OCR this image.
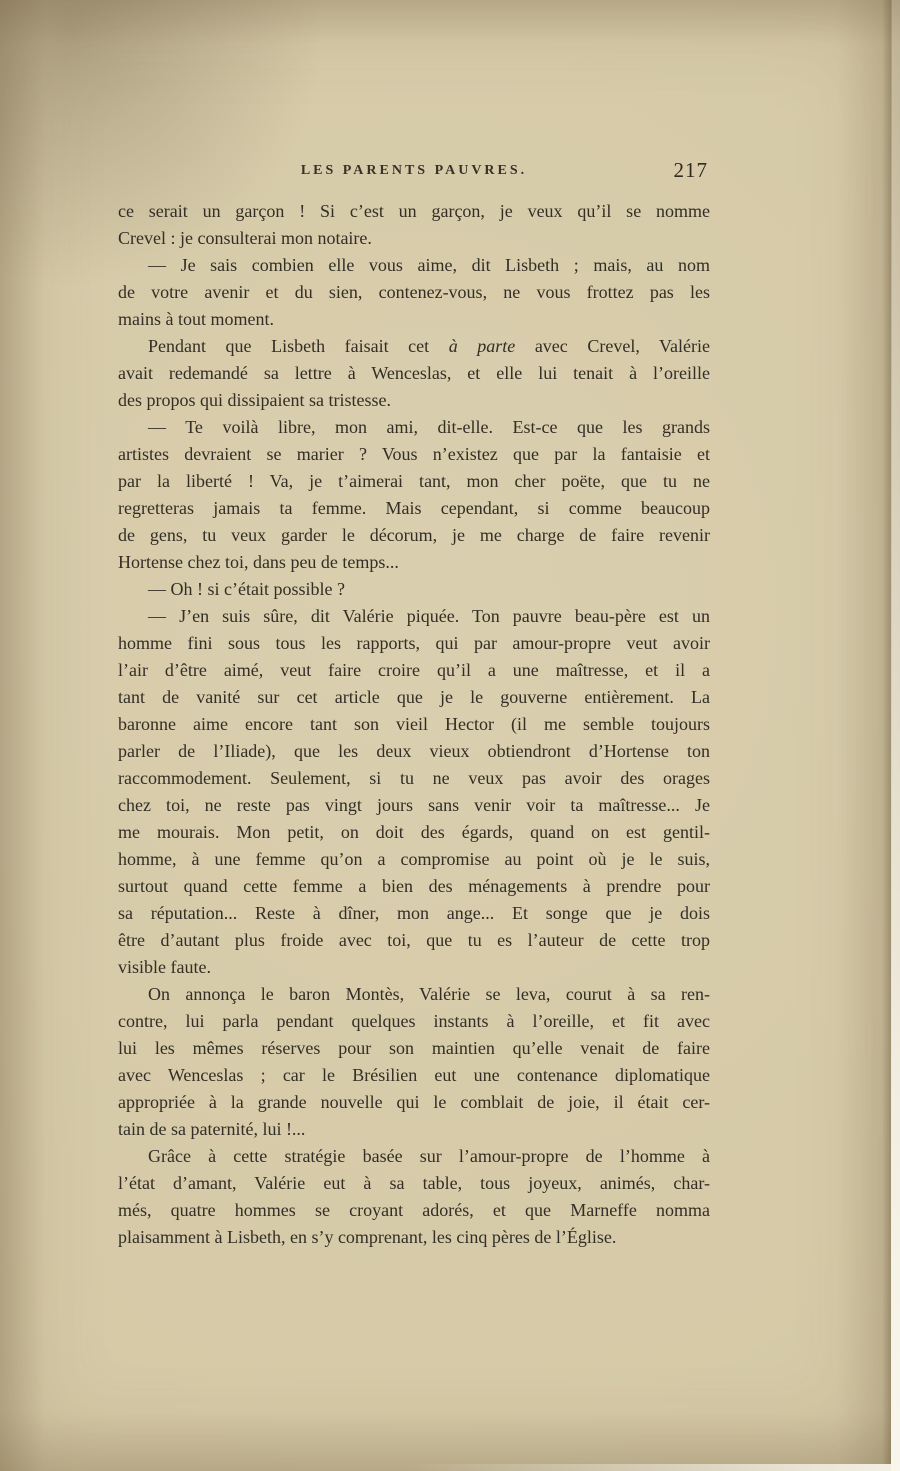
LES PARENTS PAUVRES.	217

ce serait un garçon ! Si c’est un garçon, je veux qu’il se nomme
Crevel : je consulterai mon notaire.

— Je sais combien elle vous aime, dit Lisbeth ; mais, au nom
de votre avenir et du sien, contenez-vous, ne vous frottez pas les
mains à tout moment.

Pendant que Lisbeth faisait cet à parte avec Crevel, Valérie
avait redemandé sa lettre à Wenceslas, et elle lui tenait à l’oreille
des propos qui dissipaient sa tristesse.

— Te voilà libre, mon ami, dit-elle. Est-ce que les grands
artistes devraient se marier ? Vous n’existez que par la fantaisie et
par la liberté ! Va, je t’aimerai tant, mon cher poëte, que tu ne
regretteras jamais ta femme. Mais cependant, si comme beaucoup
de gens, tu veux garder le décorum, je me charge de faire revenir
Hortense chez toi, dans peu de temps...

— Oh ! si c’était possible ?

— J’en suis sûre, dit Valérie piquée. Ton pauvre beau-père est un
homme fini sous tous les rapports, qui par amour-propre veut avoir
l’air d’être aimé, veut faire croire qu’il a une maîtresse, et il a
tant de vanité sur cet article que je le gouverne entièrement. La
baronne aime encore tant son vieil Hector (il me semble toujours
parler de l’Iliade), que les deux vieux obtiendront d’Hortense ton
raccommodement. Seulement, si tu ne veux pas avoir des orages
chez toi, ne reste pas vingt jours sans venir voir ta maîtresse... Je
me mourais. Mon petit, on doit des égards, quand on est gentil-
homme, à une femme qu’on a compromise au point où je le suis,
surtout quand cette femme a bien des ménagements à prendre pour
sa réputation... Reste à dîner, mon ange... Et songe que je dois
être d’autant plus froide avec toi, que tu es l’auteur de cette trop
visible faute.

On annonça le baron Montès, Valérie se leva, courut à sa ren-
contre, lui parla pendant quelques instants à l’oreille, et fit avec
lui les mêmes réserves pour son maintien qu’elle venait de faire
avec Wenceslas ; car le Brésilien eut une contenance diplomatique
appropriée à la grande nouvelle qui le comblait de joie, il était cer-
tain de sa paternité, lui !...

Grâce à cette stratégie basée sur l’amour-propre de l’homme à
l’état d’amant, Valérie eut à sa table, tous joyeux, animés, char-
més, quatre hommes se croyant adorés, et que Marneffe nomma
plaisamment à Lisbeth, en s’y comprenant, les cinq pères de l’Église.
